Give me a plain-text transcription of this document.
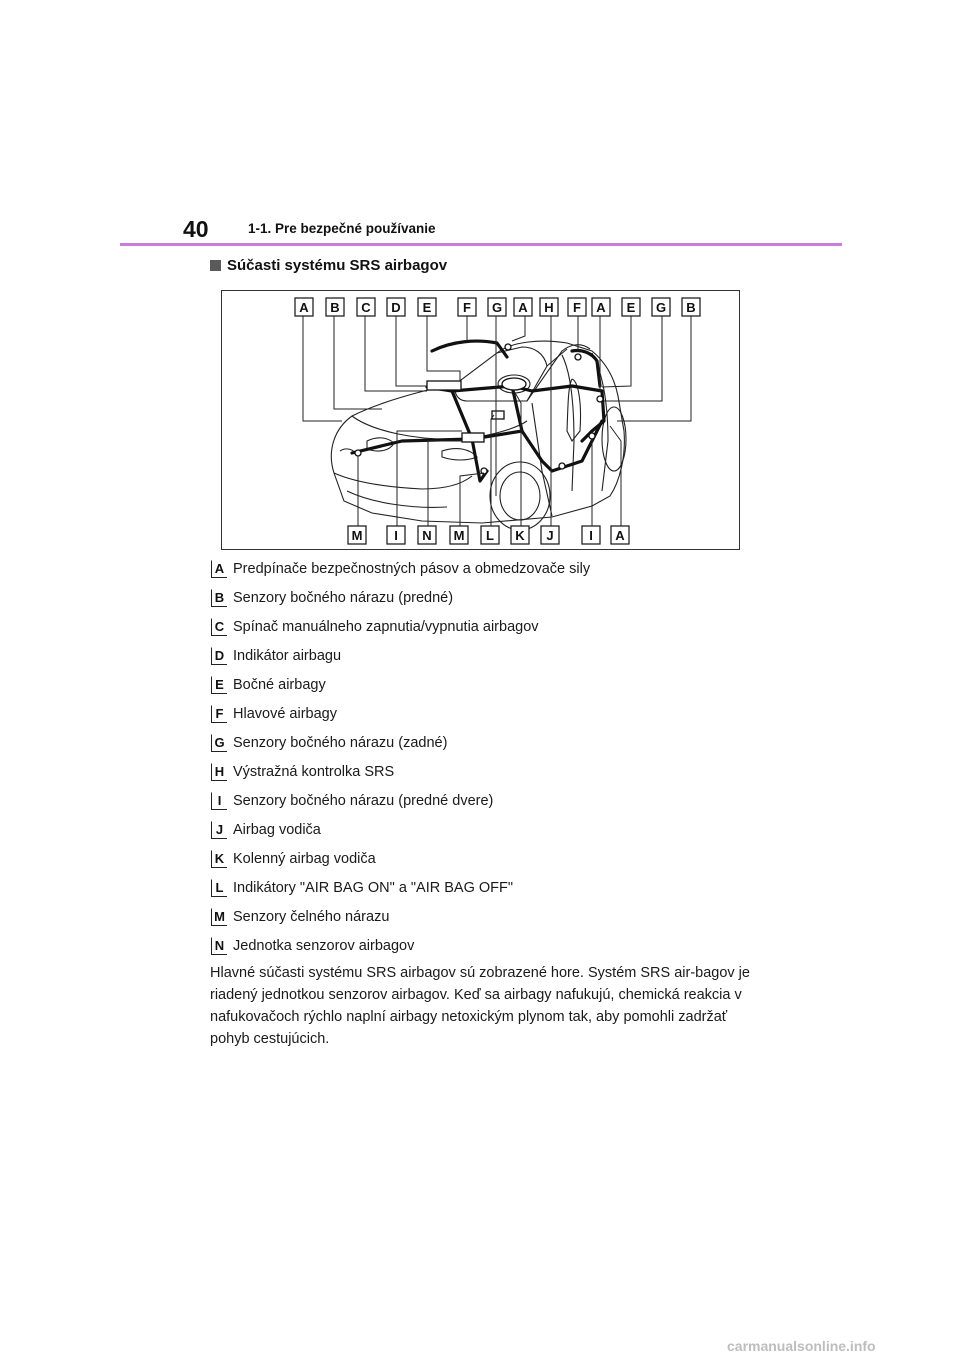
40	1-1. Pre bezpečné používanie
Súčasti systému SRS airbagov
A B C D E F G A H F A E G B
M I N M L K J	I A
A Predpínače bezpečnostných pásov a obmedzovače sily
B Senzory bočného nárazu (predné)
C Spínač manuálneho zapnutia/vypnutia airbagov
D Indikátor airbagu
E Bočné airbagy
F Hlavové airbagy
G Senzory bočného nárazu (zadné)
H Výstražná kontrolka SRS
I Senzory bočného nárazu (predné dvere)
J Airbag vodiča
K Kolenný airbag vodiča
L Indikátory "AIR BAG ON" a "AIR BAG OFF"
M Senzory čelného nárazu
N Jednotka senzorov airbagov

Hlavné súčasti systému SRS airbagov sú zobrazené hore. Systém SRS air-bagov je riadený jednotkou senzorov airbagov. Keď sa airbagy nafukujú, chemická reakcia v nafukovačoch rýchlo naplní airbagy netoxickým plynom tak, aby pomohli zadržať pohyb cestujúcich.

carmanualsonline.info
